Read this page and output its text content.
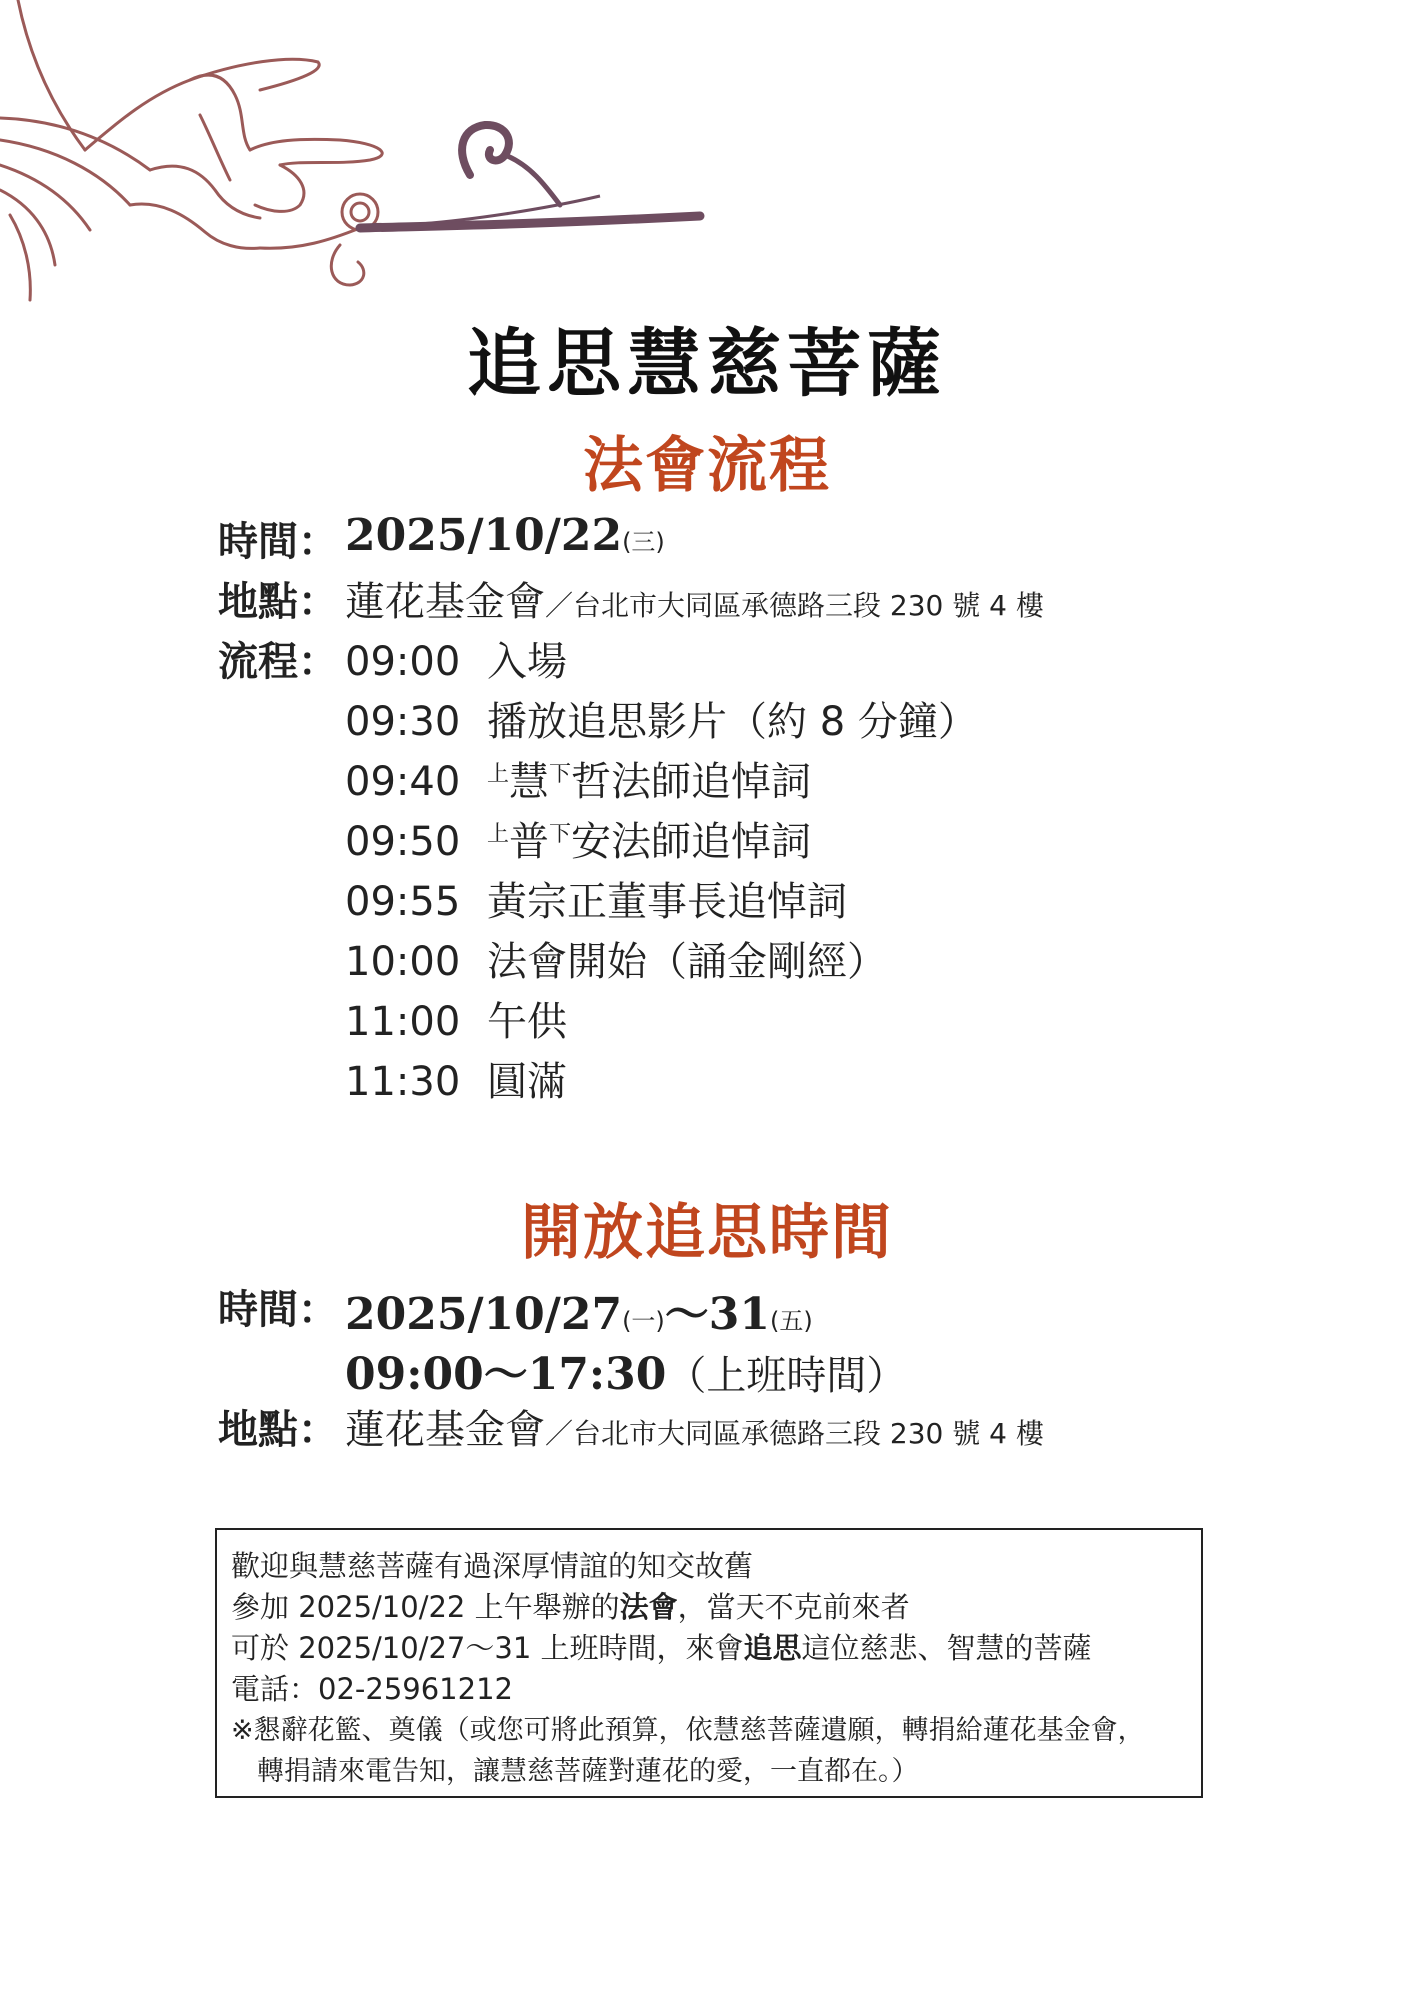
追思慧慈菩薩
法會流程
時間： 2025/10/22(三)
地點： 蓮花基金會／台北市大同區承德路三段 230 號 4 樓
流程： 09:00 入場
09:30 播放追思影片（約 8 分鐘）
09:40 $^上$慧$^下$哲法師追悼詞
09:50 $^上$普$^下$安法師追悼詞
09:55 黃宗正董事長追悼詞
10:00 法會開始（誦金剛經）
11:00 午供
11:30 圓滿
開放追思時間
時間： 2025/10/27(一)～31(五)
09:00～17:30（上班時間）
地點： 蓮花基金會／台北市大同區承德路三段 230 號 4 樓
歡迎與慧慈菩薩有過深厚情誼的知交故舊
參加 2025/10/22 上午舉辦的法會，當天不克前來者
可於 2025/10/27～31 上班時間，來會追思這位慈悲、智慧的菩薩
電話：02-25961212
※懇辭花籃、奠儀（或您可將此預算，依慧慈菩薩遺願，轉捐給蓮花基金會，
轉捐請來電告知，讓慧慈菩薩對蓮花的愛，一直都在。）
